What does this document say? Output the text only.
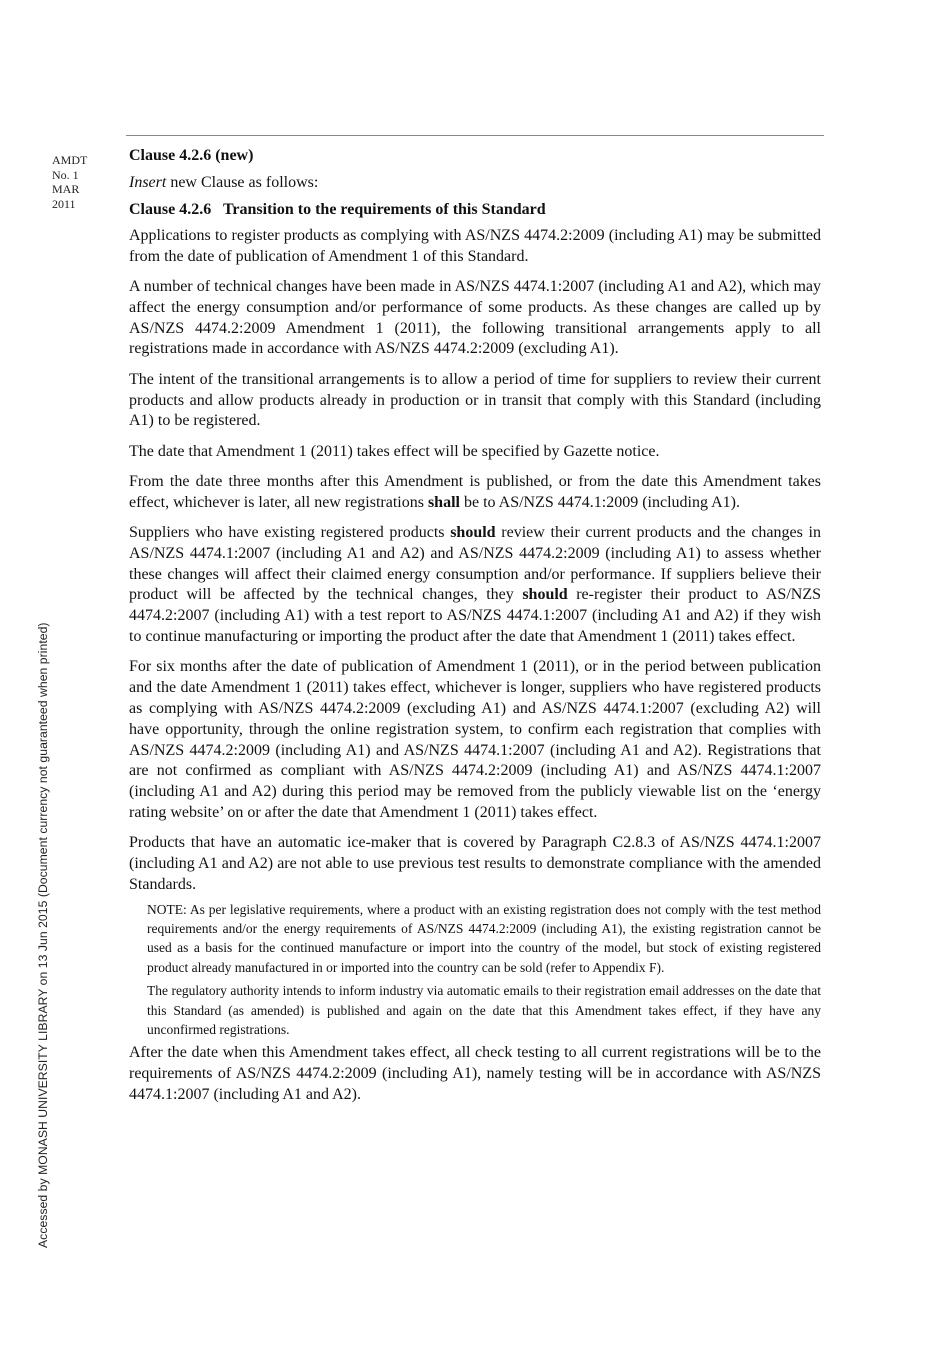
AMDT
No. 1
MAR
2011
Accessed by MONASH UNIVERSITY LIBRARY on 13 Jun 2015 (Document currency not guaranteed when printed)
Clause 4.2.6 (new)
Insert new Clause as follows:
Clause 4.2.6   Transition to the requirements of this Standard

Applications to register products as complying with AS/NZS 4474.2:2009 (including A1) may be submitted from the date of publication of Amendment 1 of this Standard.

A number of technical changes have been made in AS/NZS 4474.1:2007 (including A1 and A2), which may affect the energy consumption and/or performance of some products. As these changes are called up by AS/NZS 4474.2:2009 Amendment 1 (2011), the following transitional arrangements apply to all registrations made in accordance with AS/NZS 4474.2:2009 (excluding A1).

The intent of the transitional arrangements is to allow a period of time for suppliers to review their current products and allow products already in production or in transit that comply with this Standard (including A1) to be registered.

The date that Amendment 1 (2011) takes effect will be specified by Gazette notice.

From the date three months after this Amendment is published, or from the date this Amendment takes effect, whichever is later, all new registrations shall be to AS/NZS 4474.1:2009 (including A1).

Suppliers who have existing registered products should review their current products and the changes in AS/NZS 4474.1:2007 (including A1 and A2) and AS/NZS 4474.2:2009 (including A1) to assess whether these changes will affect their claimed energy consumption and/or performance. If suppliers believe their product will be affected by the technical changes, they should re-register their product to AS/NZS 4474.2:2007 (including A1) with a test report to AS/NZS 4474.1:2007 (including A1 and A2) if they wish to continue manufacturing or importing the product after the date that Amendment 1 (2011) takes effect.

For six months after the date of publication of Amendment 1 (2011), or in the period between publication and the date Amendment 1 (2011) takes effect, whichever is longer, suppliers who have registered products as complying with AS/NZS 4474.2:2009 (excluding A1) and AS/NZS 4474.1:2007 (excluding A2) will have opportunity, through the online registration system, to confirm each registration that complies with AS/NZS 4474.2:2009 (including A1) and AS/NZS 4474.1:2007 (including A1 and A2). Registrations that are not confirmed as compliant with AS/NZS 4474.2:2009 (including A1) and AS/NZS 4474.1:2007 (including A1 and A2) during this period may be removed from the publicly viewable list on the ‘energy rating website’ on or after the date that Amendment 1 (2011) takes effect.

Products that have an automatic ice-maker that is covered by Paragraph C2.8.3 of AS/NZS 4474.1:2007 (including A1 and A2) are not able to use previous test results to demonstrate compliance with the amended Standards.

NOTE: As per legislative requirements, where a product with an existing registration does not comply with the test method requirements and/or the energy requirements of AS/NZS 4474.2:2009 (including A1), the existing registration cannot be used as a basis for the continued manufacture or import into the country of the model, but stock of existing registered product already manufactured in or imported into the country can be sold (refer to Appendix F).

The regulatory authority intends to inform industry via automatic emails to their registration email addresses on the date that this Standard (as amended) is published and again on the date that this Amendment takes effect, if they have any unconfirmed registrations.

After the date when this Amendment takes effect, all check testing to all current registrations will be to the requirements of AS/NZS 4474.2:2009 (including A1), namely testing will be in accordance with AS/NZS 4474.1:2007 (including A1 and A2).
